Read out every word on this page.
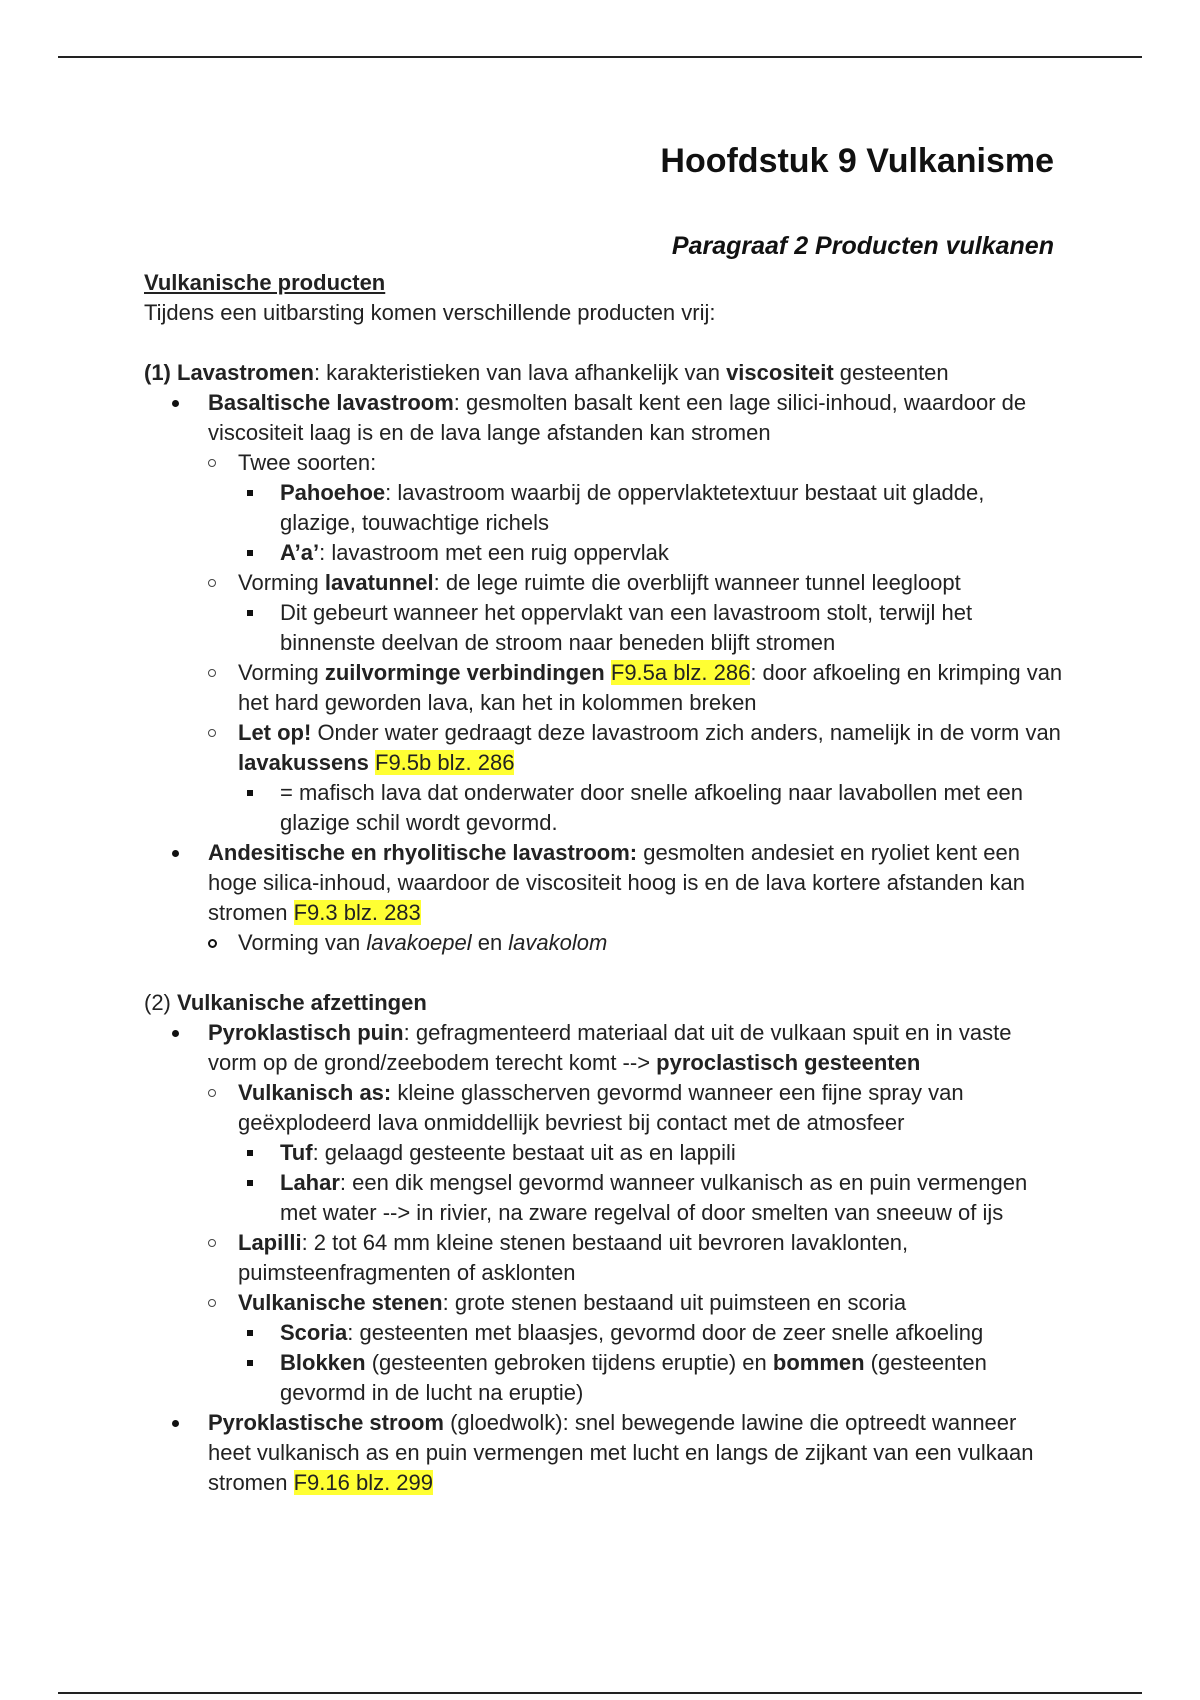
Hoofdstuk 9 Vulkanisme
Paragraaf 2 Producten vulkanen

Vulkanische producten

Tijdens een uitbarsting komen verschillende producten vrij:

(1) Lavastromen: karakteristieken van lava afhankelijk van viscositeit gesteenten

Basaltische lavastroom: gesmolten basalt kent een lage silici-inhoud, waardoor de viscositeit laag is en de lava lange afstanden kan stromen
Twee soorten:
Pahoehoe: lavastroom waarbij de oppervlaktetextuur bestaat uit gladde, glazige, touwachtige richels
A’a’: lavastroom met een ruig oppervlak
Vorming lavatunnel: de lege ruimte die overblijft wanneer tunnel leegloopt
Dit gebeurt wanneer het oppervlakt van een lavastroom stolt, terwijl het binnenste deelvan de stroom naar beneden blijft stromen
Vorming zuilvorminge verbindingen F9.5a blz. 286: door afkoeling en krimping van het hard geworden lava, kan het in kolommen breken
Let op! Onder water gedraagt deze lavastroom zich anders, namelijk in de vorm van lavakussens F9.5b blz. 286
= mafisch lava dat onderwater door snelle afkoeling naar lavabollen met een glazige schil wordt gevormd.
Andesitische en rhyolitische lavastroom: gesmolten andesiet en ryoliet kent een hoge silica-inhoud, waardoor de viscositeit hoog is en de lava kortere afstanden kan stromen F9.3 blz. 283
Vorming van lavakoepel en lavakolom

(2) Vulkanische afzettingen

Pyroklastisch puin: gefragmenteerd materiaal dat uit de vulkaan spuit en in vaste vorm op de grond/zeebodem terecht komt --> pyroclastisch gesteenten
Vulkanisch as: kleine glasscherven gevormd wanneer een fijne spray van geëxplodeerd lava onmiddellijk bevriest bij contact met de atmosfeer
Tuf: gelaagd gesteente bestaat uit as en lappili
Lahar: een dik mengsel gevormd wanneer vulkanisch as en puin vermengen met water --> in rivier, na zware regelval of door smelten van sneeuw of ijs
Lapilli: 2 tot 64 mm kleine stenen bestaand uit bevroren lavaklonten, puimsteenfragmenten of asklonten
Vulkanische stenen: grote stenen bestaand uit puimsteen en scoria
Scoria: gesteenten met blaasjes, gevormd door de zeer snelle afkoeling
Blokken (gesteenten gebroken tijdens eruptie) en bommen (gesteenten gevormd in de lucht na eruptie)
Pyroklastische stroom (gloedwolk): snel bewegende lawine die optreedt wanneer heet vulkanisch as en puin vermengen met lucht en langs de zijkant van een vulkaan stromen F9.16 blz. 299
